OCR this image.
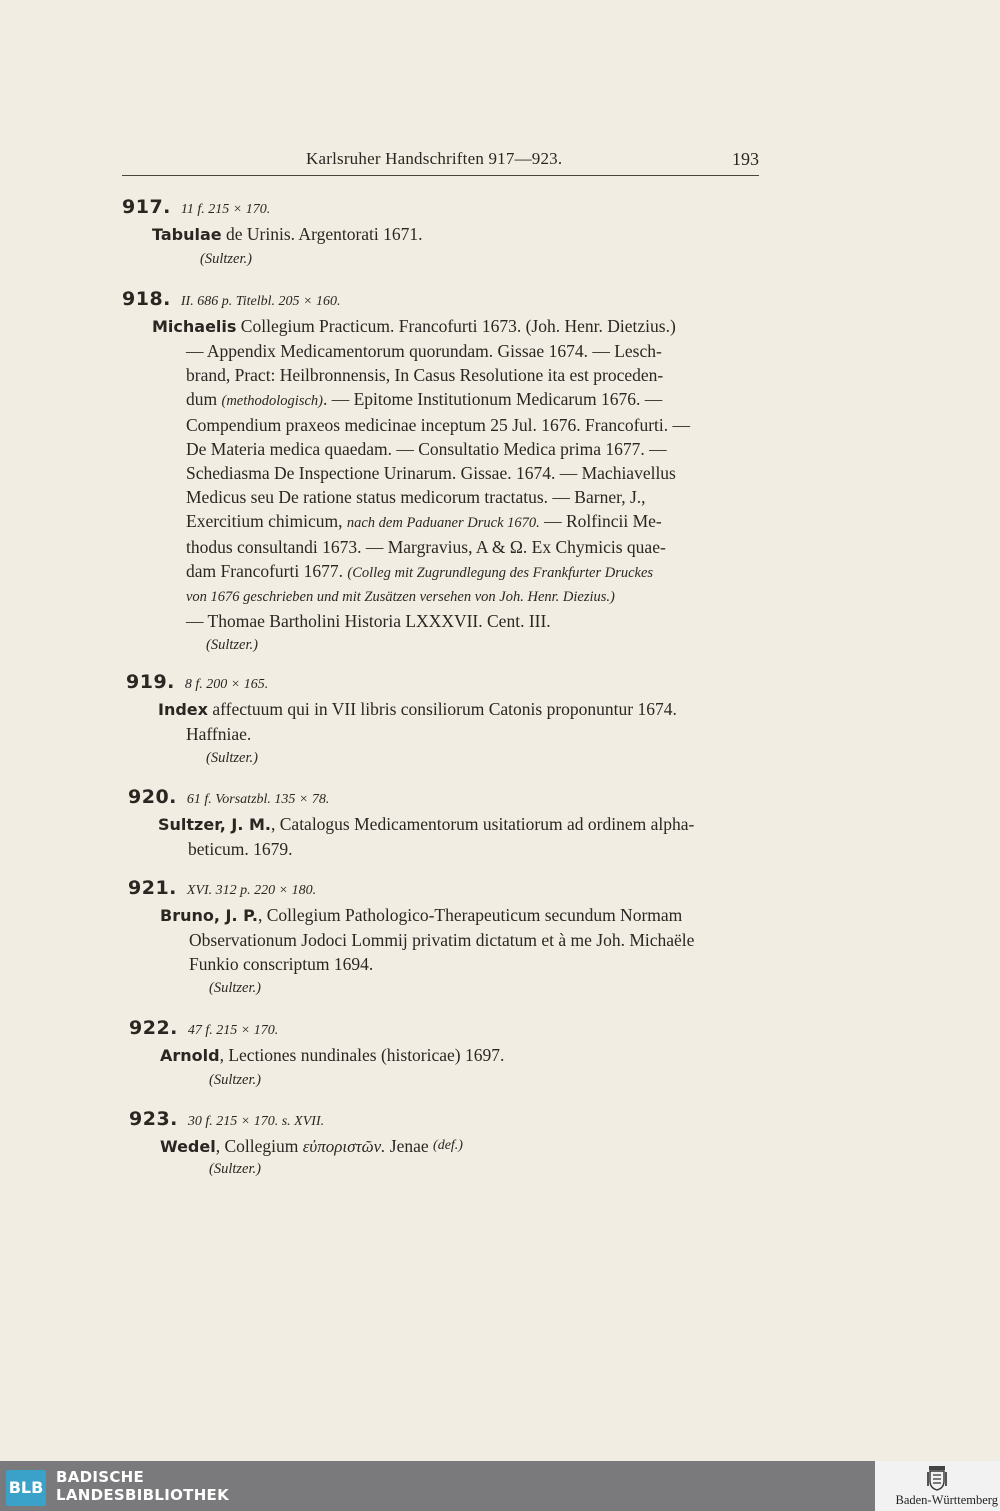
Karlsruher Handschriften 917—923.	193
917. 11 f. 215 × 170.
Tabulae de Urinis. Argentorati 1671.
(Sultzer.)
918. II. 686 p. Titelbl. 205 × 160.
Michaelis Collegium Practicum. Francofurti 1673. (Joh. Henr. Dietzius.)
— Appendix Medicamentorum quorundam. Gissae 1674. — Lesch-
brand, Pract: Heilbronnensis, In Casus Resolutione ita est proceden-
dum (methodologisch). — Epitome Institutionum Medicarum 1676. —
Compendium praxeos medicinae inceptum 25 Jul. 1676. Francofurti. —
De Materia medica quaedam. — Consultatio Medica prima 1677. —
Schediasma De Inspectione Urinarum. Gissae. 1674. — Machiavellus
Medicus seu De ratione status medicorum tractatus. — Barner, J.,
Exercitium chimicum, nach dem Paduaner Druck 1670. — Rolfincii Me-
thodus consultandi 1673. — Margravius, A & Ω. Ex Chymicis quae-
dam Francofurti 1677. (Colleg mit Zugrundlegung des Frankfurter Druckes
von 1676 geschrieben und mit Zusätzen versehen von Joh. Henr. Diezius.)
— Thomae Bartholini Historia LXXXVII. Cent. III.
(Sultzer.)
919. 8 f. 200 × 165.
Index affectuum qui in VII libris consiliorum Catonis proponuntur 1674.
Haffniae.
(Sultzer.)
920. 61 f. Vorsatzbl. 135 × 78.
Sultzer, J. M., Catalogus Medicamentorum usitatiorum ad ordinem alpha-
beticum. 1679.
921. XVI. 312 p. 220 × 180.
Bruno, J. P., Collegium Pathologico-Therapeuticum secundum Normam
Observationum Jodoci Lommij privatim dictatum et à me Joh. Michaële
Funkio conscriptum 1694.
(Sultzer.)
922. 47 f. 215 × 170.
Arnold, Lectiones nundinales (historicae) 1697.
(Sultzer.)
923. 30 f. 215 × 170. s. XVII.
Wedel, Collegium εὐποριστῶν. Jenae (def.)
(Sultzer.)
BLB
BADISCHE
LANDESBIBLIOTHEK	Baden-Württemberg
